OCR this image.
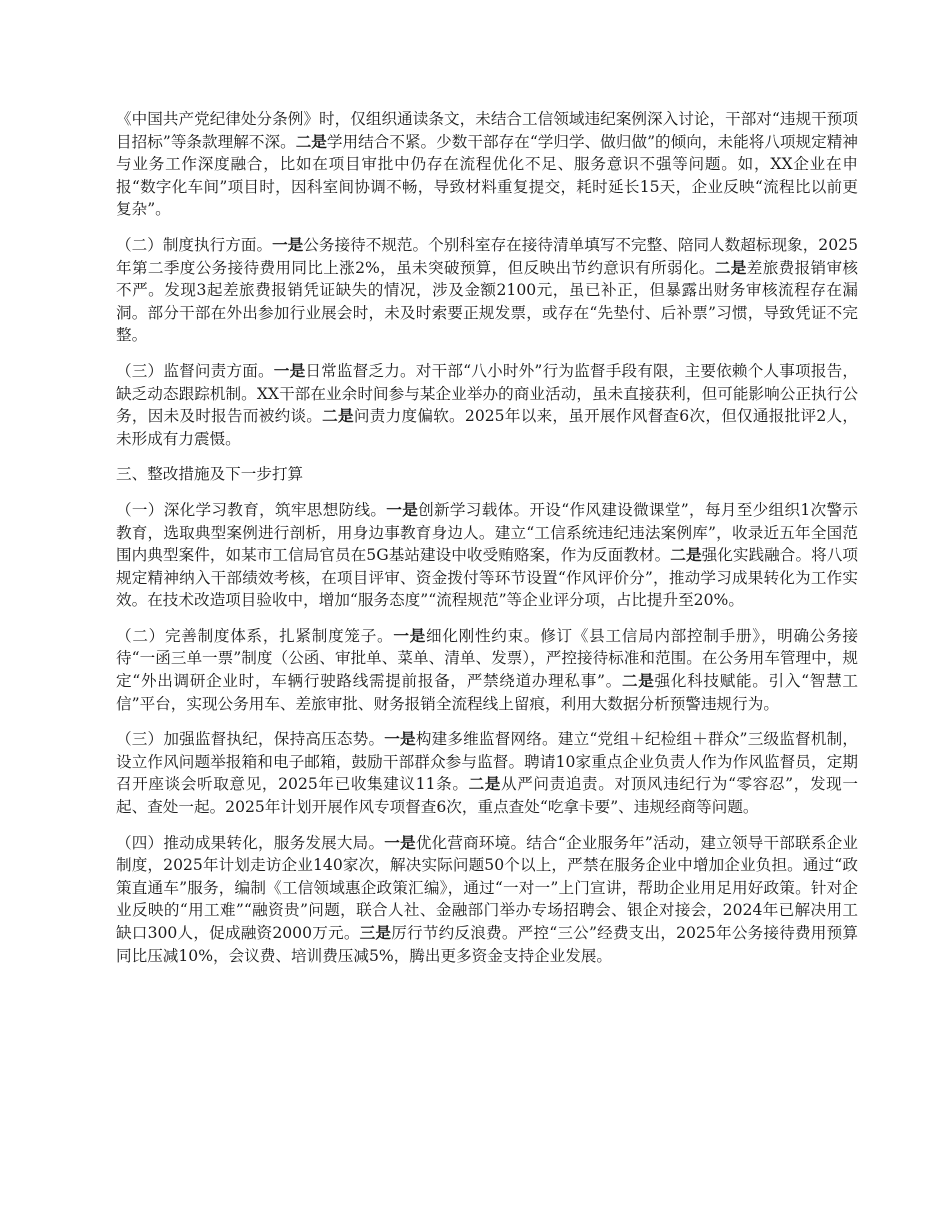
《中国共产党纪律处分条例》时，仅组织通读条文，未结合工信领域违纪案例深入讨论，干部对“违规干预项目招标”等条款理解不深。二是学用结合不紧。少数干部存在“学归学、做归做”的倾向，未能将八项规定精神与业务工作深度融合，比如在项目审批中仍存在流程优化不足、服务意识不强等问题。如，XX企业在申报“数字化车间”项目时，因科室间协调不畅，导致材料重复提交，耗时延长15天，企业反映“流程比以前更复杂”。

（二）制度执行方面。一是公务接待不规范。个别科室存在接待清单填写不完整、陪同人数超标现象，2025年第二季度公务接待费用同比上涨2%，虽未突破预算，但反映出节约意识有所弱化。二是差旅费报销审核不严。发现3起差旅费报销凭证缺失的情况，涉及金额2100元，虽已补正，但暴露出财务审核流程存在漏洞。部分干部在外出参加行业展会时，未及时索要正规发票，或存在“先垫付、后补票”习惯，导致凭证不完整。

（三）监督问责方面。一是日常监督乏力。对干部“八小时外”行为监督手段有限，主要依赖个人事项报告，缺乏动态跟踪机制。XX干部在业余时间参与某企业举办的商业活动，虽未直接获利，但可能影响公正执行公务，因未及时报告而被约谈。二是问责力度偏软。2025年以来，虽开展作风督查6次，但仅通报批评2人，未形成有力震慑。

三、整改措施及下一步打算

（一）深化学习教育，筑牢思想防线。一是创新学习载体。开设“作风建设微课堂”，每月至少组织1次警示教育，选取典型案例进行剖析，用身边事教育身边人。建立“工信系统违纪违法案例库”，收录近五年全国范围内典型案件，如某市工信局官员在5G基站建设中收受贿赂案，作为反面教材。二是强化实践融合。将八项规定精神纳入干部绩效考核，在项目评审、资金拨付等环节设置“作风评价分”，推动学习成果转化为工作实效。在技术改造项目验收中，增加“服务态度”“流程规范”等企业评分项，占比提升至20%。

（二）完善制度体系，扎紧制度笼子。一是细化刚性约束。修订《县工信局内部控制手册》，明确公务接待“一函三单一票”制度（公函、审批单、菜单、清单、发票），严控接待标准和范围。在公务用车管理中，规定“外出调研企业时，车辆行驶路线需提前报备，严禁绕道办理私事”。二是强化科技赋能。引入“智慧工信”平台，实现公务用车、差旅审批、财务报销全流程线上留痕，利用大数据分析预警违规行为。

（三）加强监督执纪，保持高压态势。一是构建多维监督网络。建立“党组＋纪检组＋群众”三级监督机制，设立作风问题举报箱和电子邮箱，鼓励干部群众参与监督。聘请10家重点企业负责人作为作风监督员，定期召开座谈会听取意见，2025年已收集建议11条。二是从严问责追责。对顶风违纪行为“零容忍”，发现一起、查处一起。2025年计划开展作风专项督查6次，重点查处“吃拿卡要”、违规经商等问题。

（四）推动成果转化，服务发展大局。一是优化营商环境。结合“企业服务年”活动，建立领导干部联系企业制度，2025年计划走访企业140家次，解决实际问题50个以上，严禁在服务企业中增加企业负担。通过“政策直通车”服务，编制《工信领域惠企政策汇编》，通过“一对一”上门宣讲，帮助企业用足用好政策。针对企业反映的“用工难”“融资贵”问题，联合人社、金融部门举办专场招聘会、银企对接会，2024年已解决用工缺口300人，促成融资2000万元。三是厉行节约反浪费。严控“三公”经费支出，2025年公务接待费用预算同比压减10%，会议费、培训费压减5%，腾出更多资金支持企业发展。
